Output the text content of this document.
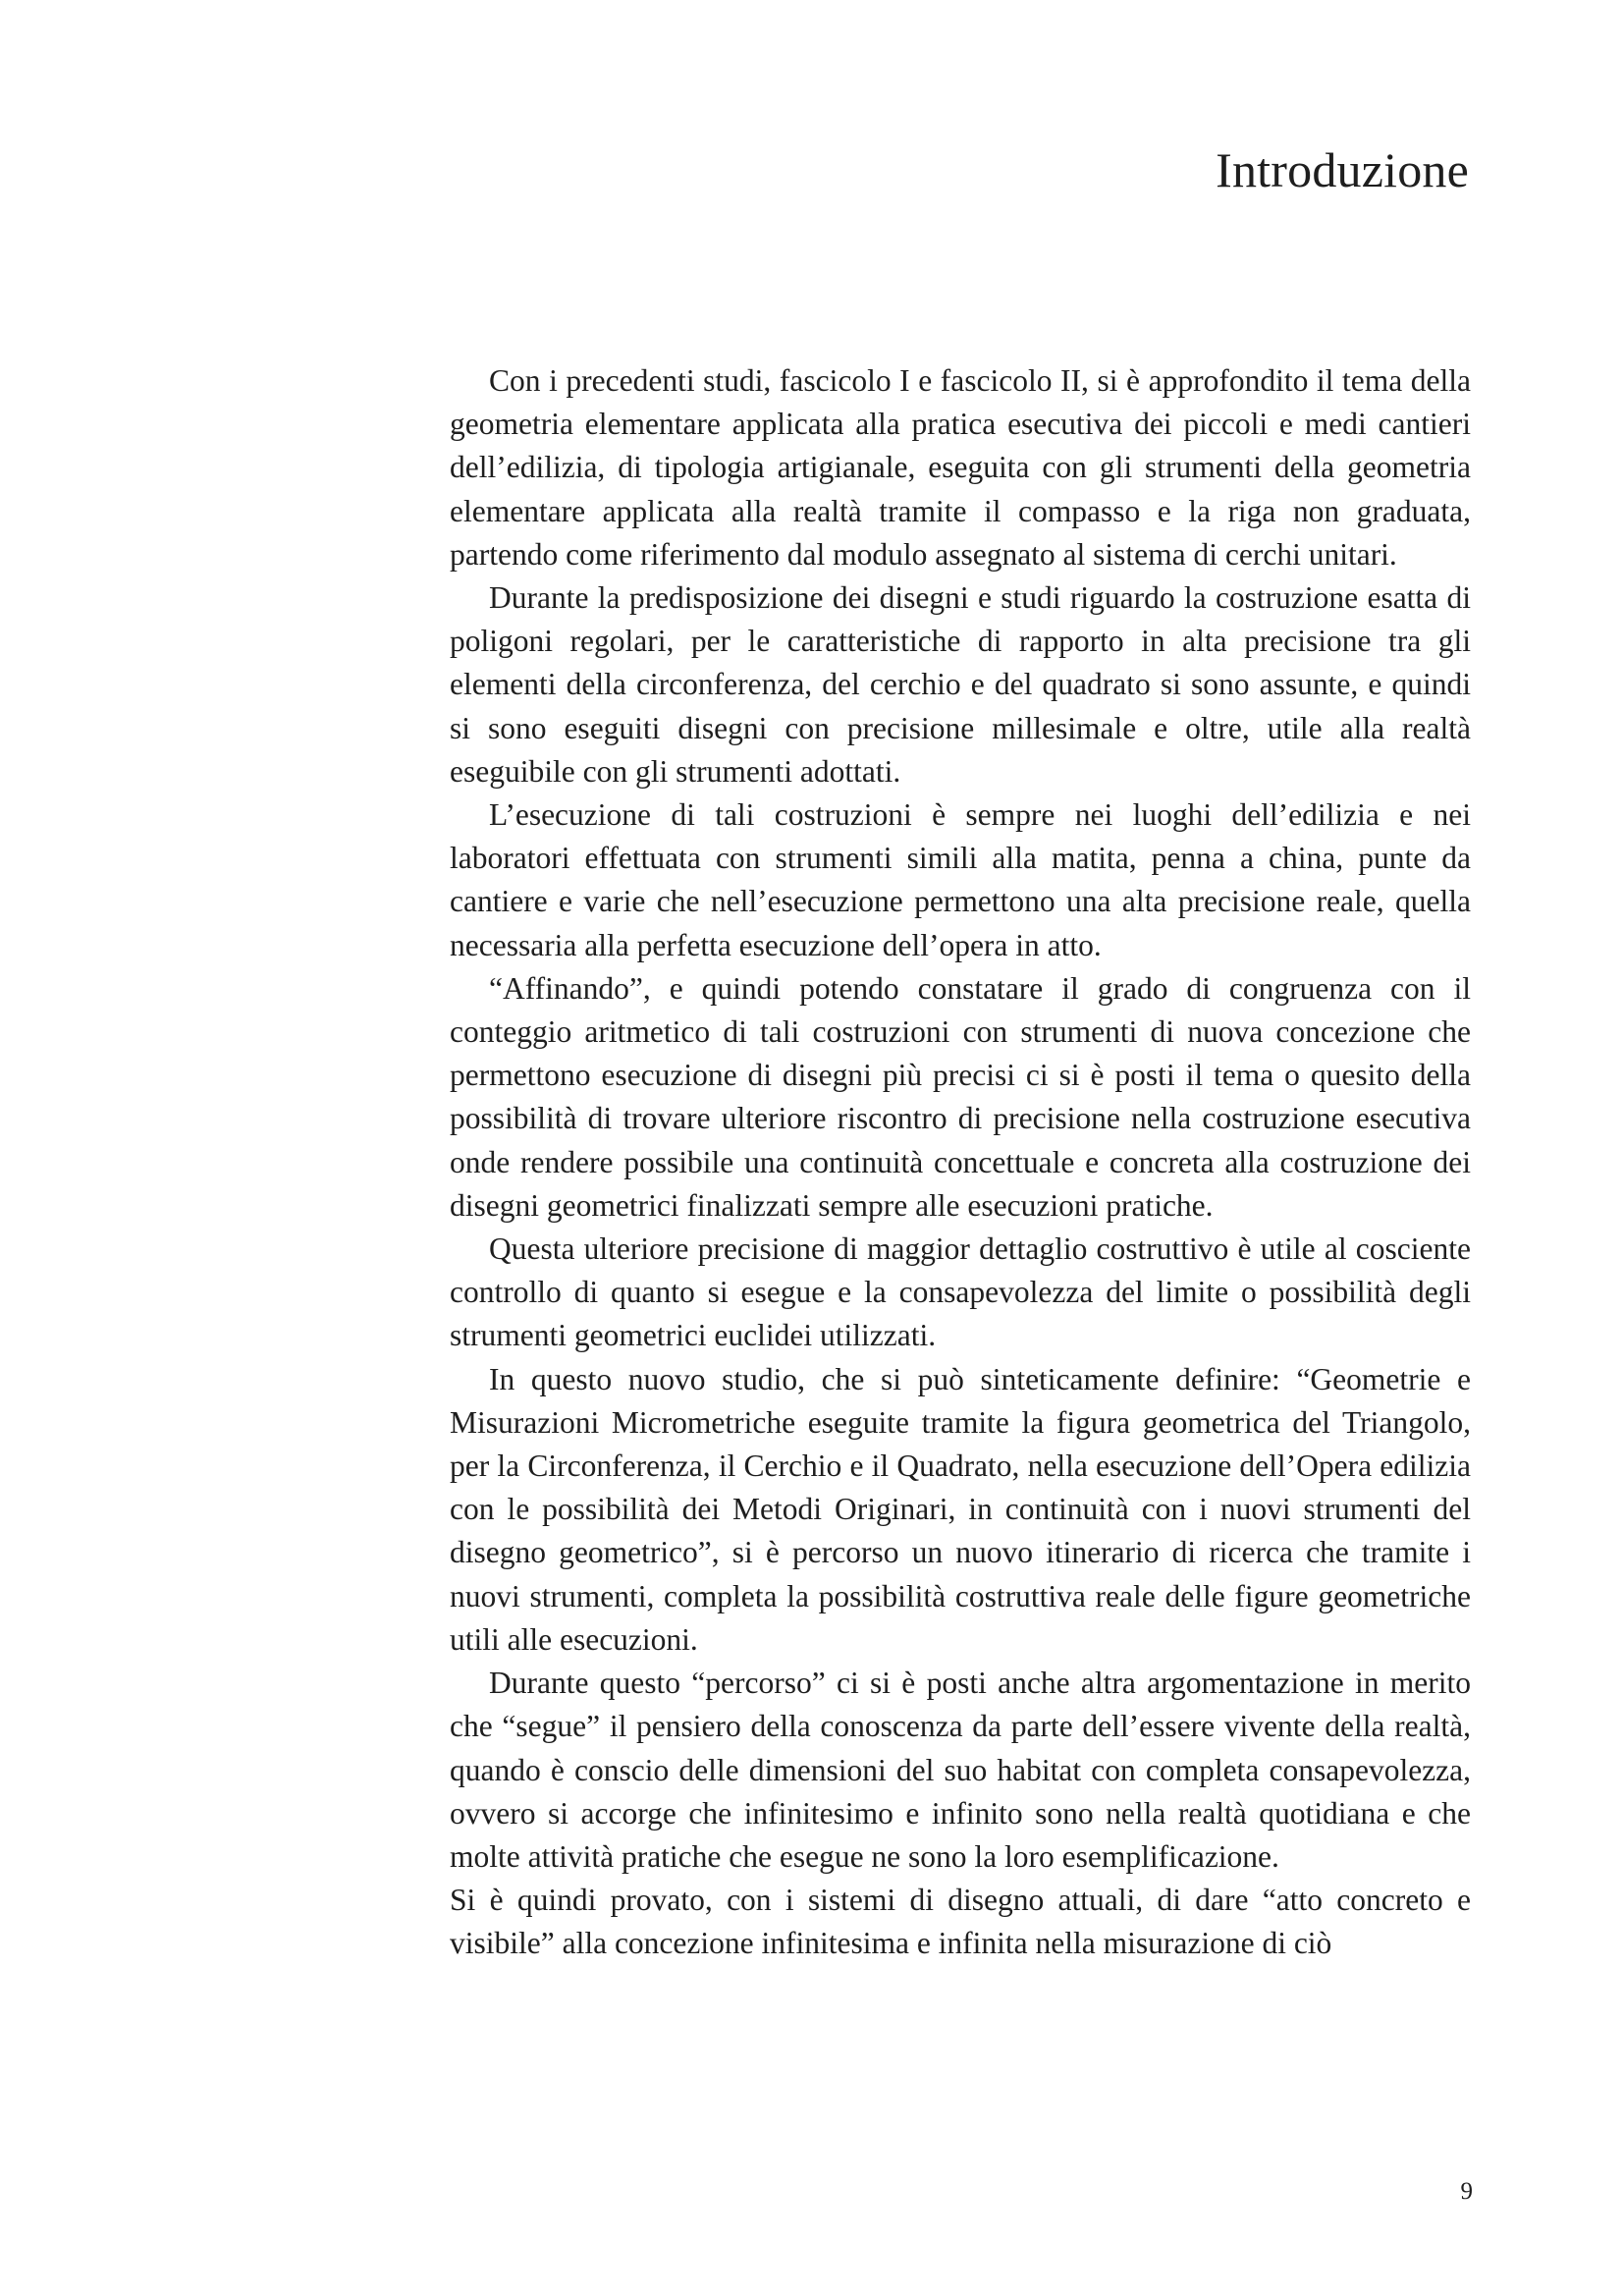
Introduzione

Con i precedenti studi, fascicolo I e fascicolo II, si è approfondito il tema della geometria elementare applicata alla pratica esecutiva dei piccoli e medi cantieri dell’edilizia, di tipologia artigianale, eseguita con gli strumenti della geometria elementare applicata alla realtà tramite il compasso e la riga non graduata, partendo come riferimento dal modulo assegnato al sistema di cerchi unitari.

Durante la predisposizione dei disegni e studi riguardo la costruzione esatta di poligoni regolari, per le caratteristiche di rapporto in alta precisione tra gli elementi della circonferenza, del cerchio e del quadrato si sono assunte, e quindi si sono eseguiti disegni con precisione millesimale e oltre, utile alla realtà eseguibile con gli strumenti adottati.

L’esecuzione di tali costruzioni è sempre nei luoghi dell’edilizia e nei laboratori effettuata con strumenti simili alla matita, penna a china, punte da cantiere e varie che nell’esecuzione permettono una alta precisione reale, quella necessaria alla perfetta esecuzione dell’opera in atto.

“Affinando”, e quindi potendo constatare il grado di congruenza con il conteggio aritmetico di tali costruzioni con strumenti di nuova concezione che permettono esecuzione di disegni più precisi ci si è posti il tema o quesito della possibilità di trovare ulteriore riscontro di precisione nella costruzione esecutiva onde rendere possibile una continuità concettuale e concreta alla costruzione dei disegni geometrici finalizzati sempre alle esecuzioni pratiche.

Questa ulteriore precisione di maggior dettaglio costruttivo è utile al cosciente controllo di quanto si esegue e la consapevolezza del limite o possibilità degli strumenti geometrici euclidei utilizzati.

In questo nuovo studio, che si può sinteticamente definire: “Geometrie e Misurazioni Micrometriche eseguite tramite la figura geometrica del Triangolo, per la Circonferenza, il Cerchio e il Quadrato, nella esecuzione dell’Opera edilizia con le possibilità dei Metodi Originari, in continuità con i nuovi strumenti del disegno geometrico”, si è percorso un nuovo itinerario di ricerca che tramite i nuovi strumenti, completa la possibilità costruttiva reale delle figure geometriche utili alle esecuzioni.

Durante questo “percorso” ci si è posti anche altra argomentazione in merito che “segue” il pensiero della conoscenza da parte dell’essere vivente della realtà, quando è conscio delle dimensioni del suo habitat con completa consapevolezza, ovvero si accorge che infinitesimo e infinito sono nella realtà quotidiana e che molte attività pratiche che esegue ne sono la loro esemplificazione.

Si è quindi provato, con i sistemi di disegno attuali, di dare “atto concreto e visibile” alla concezione infinitesima e infinita nella misurazione di ciò

9
